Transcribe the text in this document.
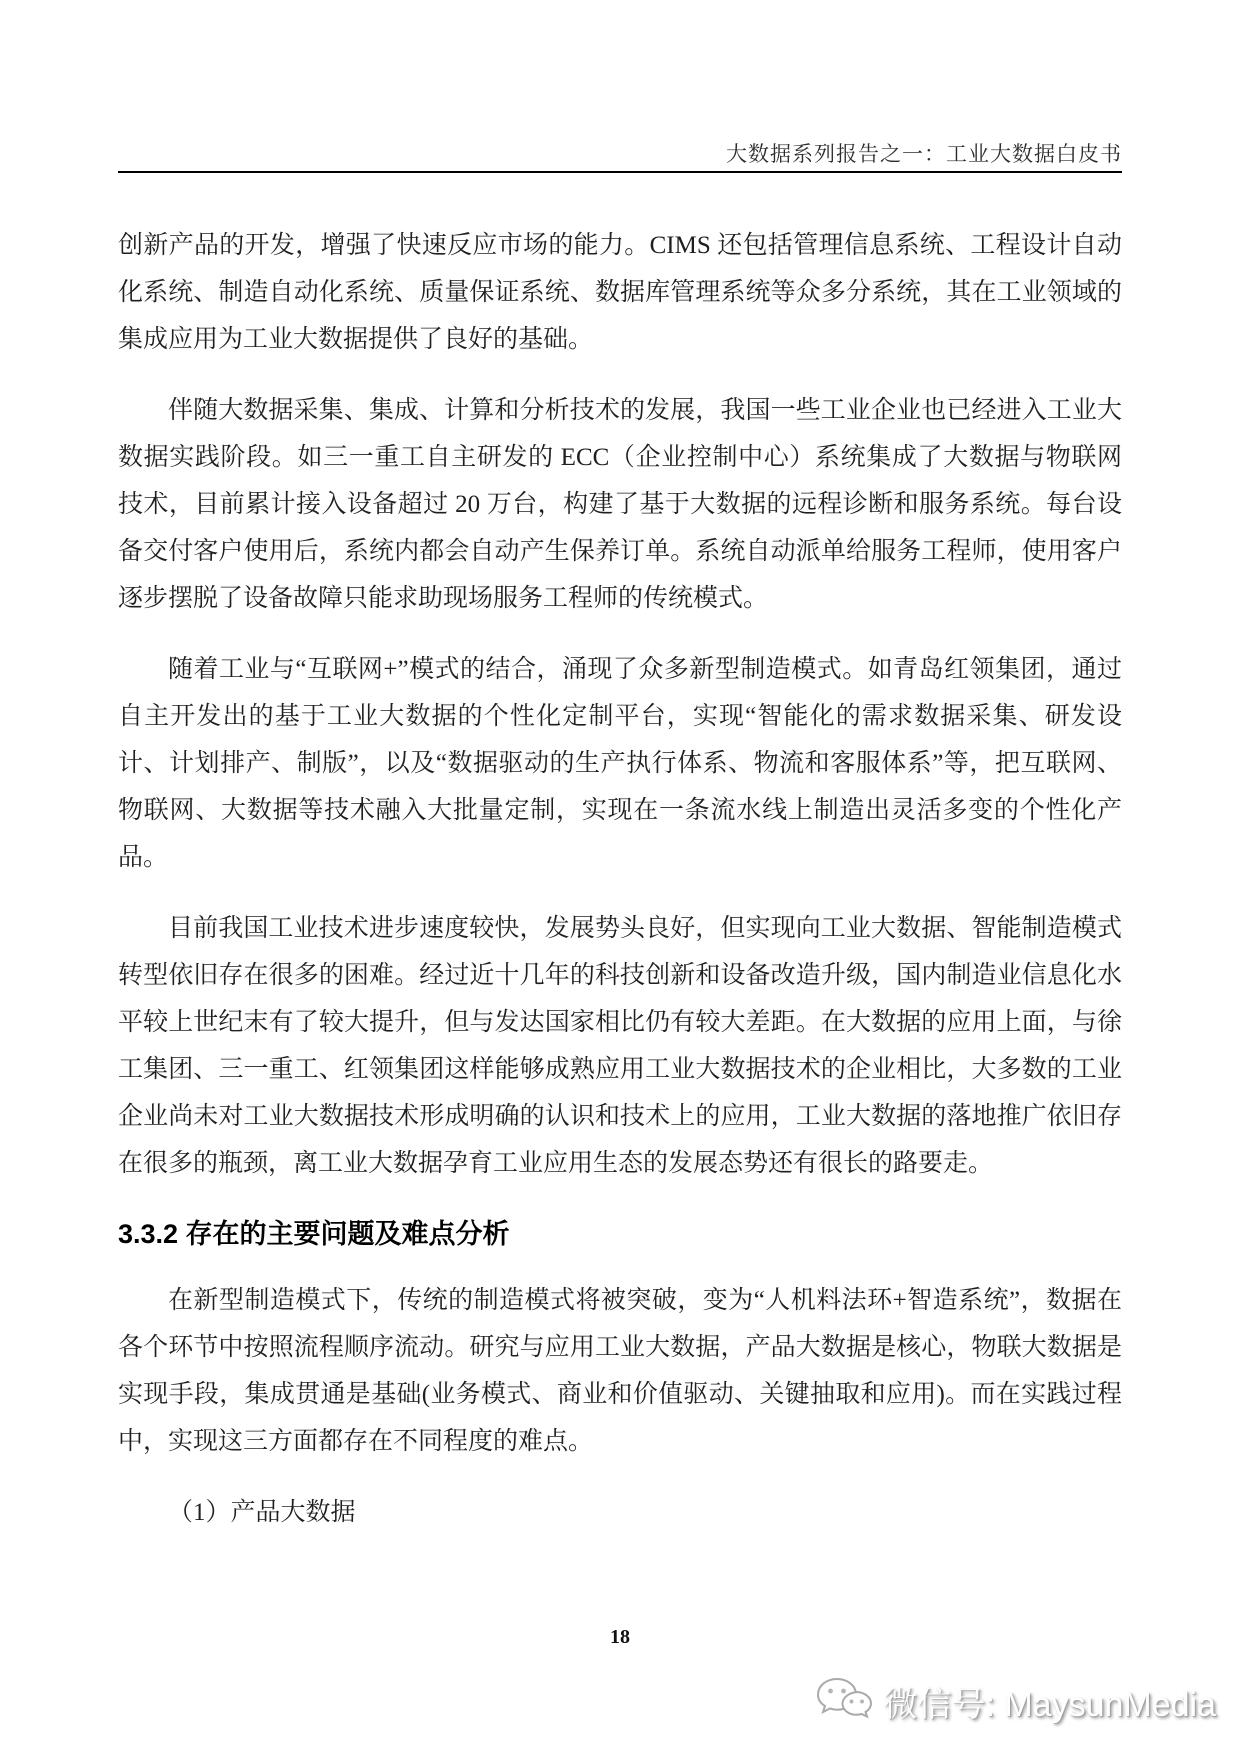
大数据系列报告之一：工业大数据白皮书

创新产品的开发，增强了快速反应市场的能力。CIMS 还包括管理信息系统、工程设计自动化系统、制造自动化系统、质量保证系统、数据库管理系统等众多分系统，其在工业领域的集成应用为工业大数据提供了良好的基础。

伴随大数据采集、集成、计算和分析技术的发展，我国一些工业企业也已经进入工业大数据实践阶段。如三一重工自主研发的 ECC（企业控制中心）系统集成了大数据与物联网技术，目前累计接入设备超过 20 万台，构建了基于大数据的远程诊断和服务系统。每台设备交付客户使用后，系统内都会自动产生保养订单。系统自动派单给服务工程师，使用客户逐步摆脱了设备故障只能求助现场服务工程师的传统模式。

随着工业与“互联网+”模式的结合，涌现了众多新型制造模式。如青岛红领集团，通过自主开发出的基于工业大数据的个性化定制平台，实现“智能化的需求数据采集、研发设计、计划排产、制版”，以及“数据驱动的生产执行体系、物流和客服体系”等，把互联网、物联网、大数据等技术融入大批量定制，实现在一条流水线上制造出灵活多变的个性化产品。

目前我国工业技术进步速度较快，发展势头良好，但实现向工业大数据、智能制造模式转型依旧存在很多的困难。经过近十几年的科技创新和设备改造升级，国内制造业信息化水平较上世纪末有了较大提升，但与发达国家相比仍有较大差距。在大数据的应用上面，与徐工集团、三一重工、红领集团这样能够成熟应用工业大数据技术的企业相比，大多数的工业企业尚未对工业大数据技术形成明确的认识和技术上的应用，工业大数据的落地推广依旧存在很多的瓶颈，离工业大数据孕育工业应用生态的发展态势还有很长的路要走。

3.3.2 存在的主要问题及难点分析

在新型制造模式下，传统的制造模式将被突破，变为“人机料法环+智造系统”，数据在各个环节中按照流程顺序流动。研究与应用工业大数据，产品大数据是核心，物联大数据是实现手段，集成贯通是基础(业务模式、商业和价值驱动、关键抽取和应用)。而在实践过程中，实现这三方面都存在不同程度的难点。

（1）产品大数据

18
微信号: MaysunMedia
